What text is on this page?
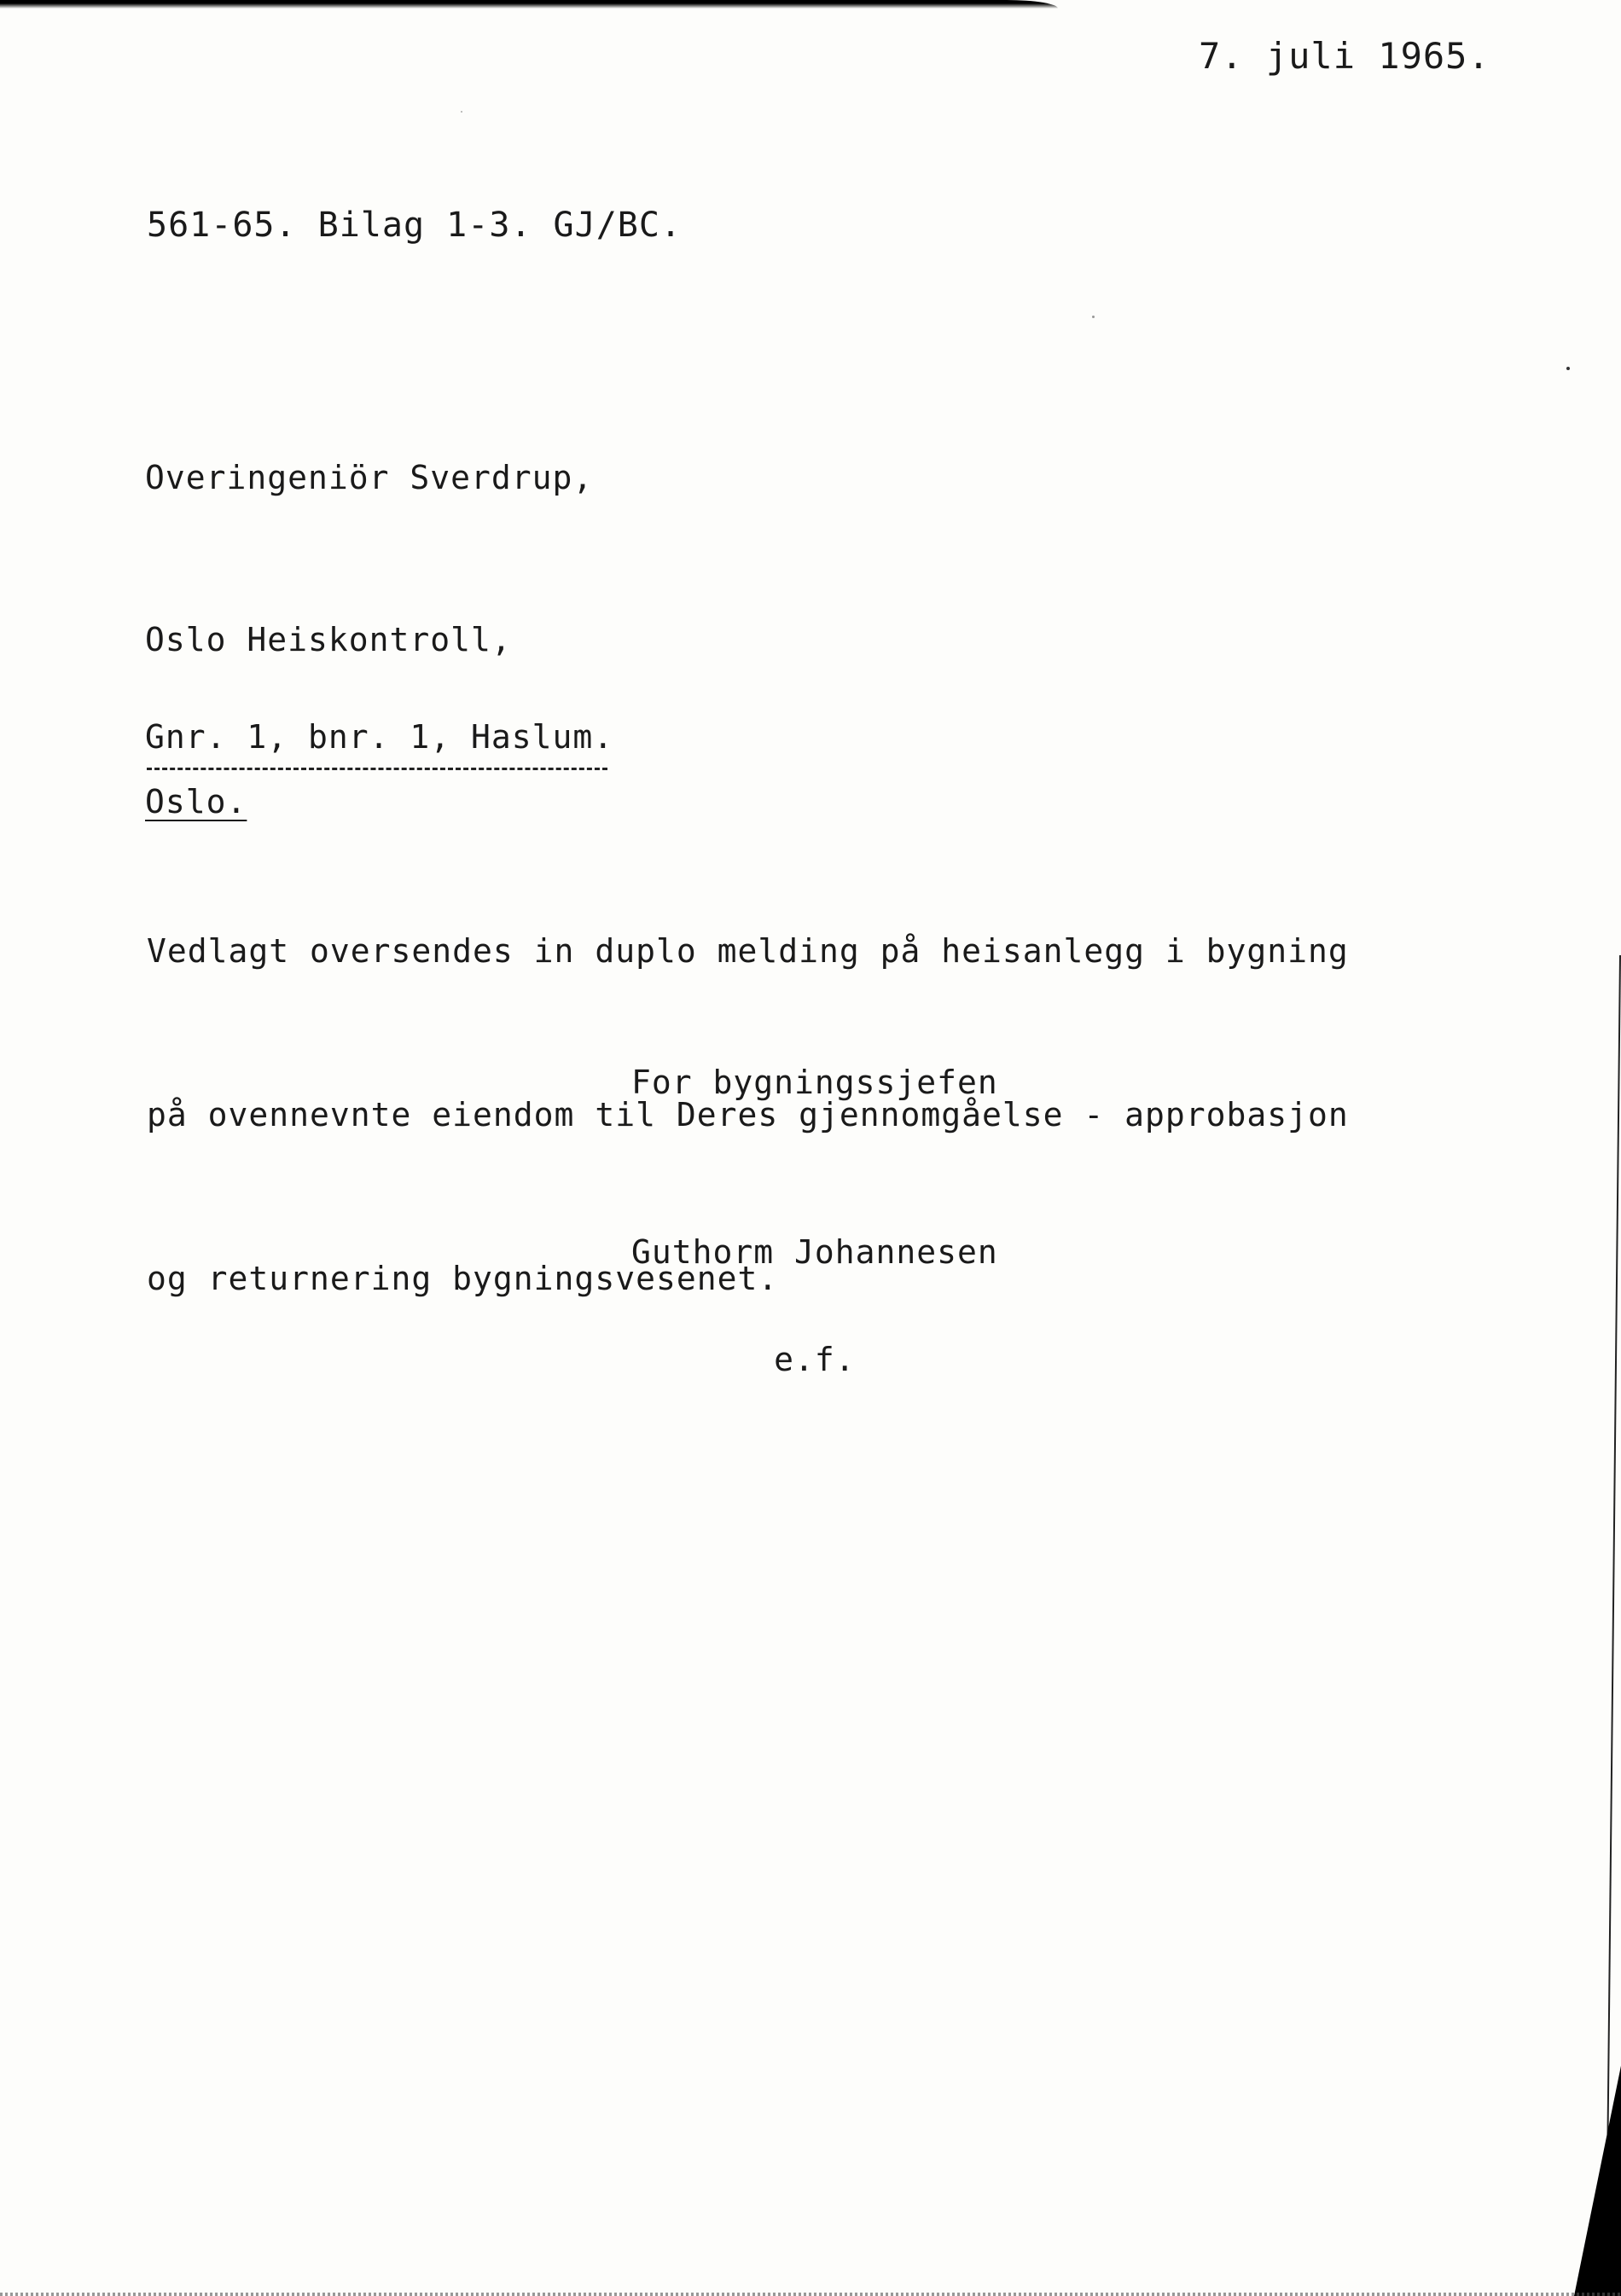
7. juli 1965.
561-65. Bilag 1-3. GJ/BC.

Overingeniör Sverdrup,

Oslo Heiskontroll,

Oslo.

Gnr. 1, bnr. 1, Haslum.

Vedlagt oversendes in duplo melding på heisanlegg i bygning

på ovennevnte eiendom til Deres gjennomgåelse - approbasjon

og returnering bygningsvesenet.

For bygningssjefen

Guthorm Johannesen

e.f.
